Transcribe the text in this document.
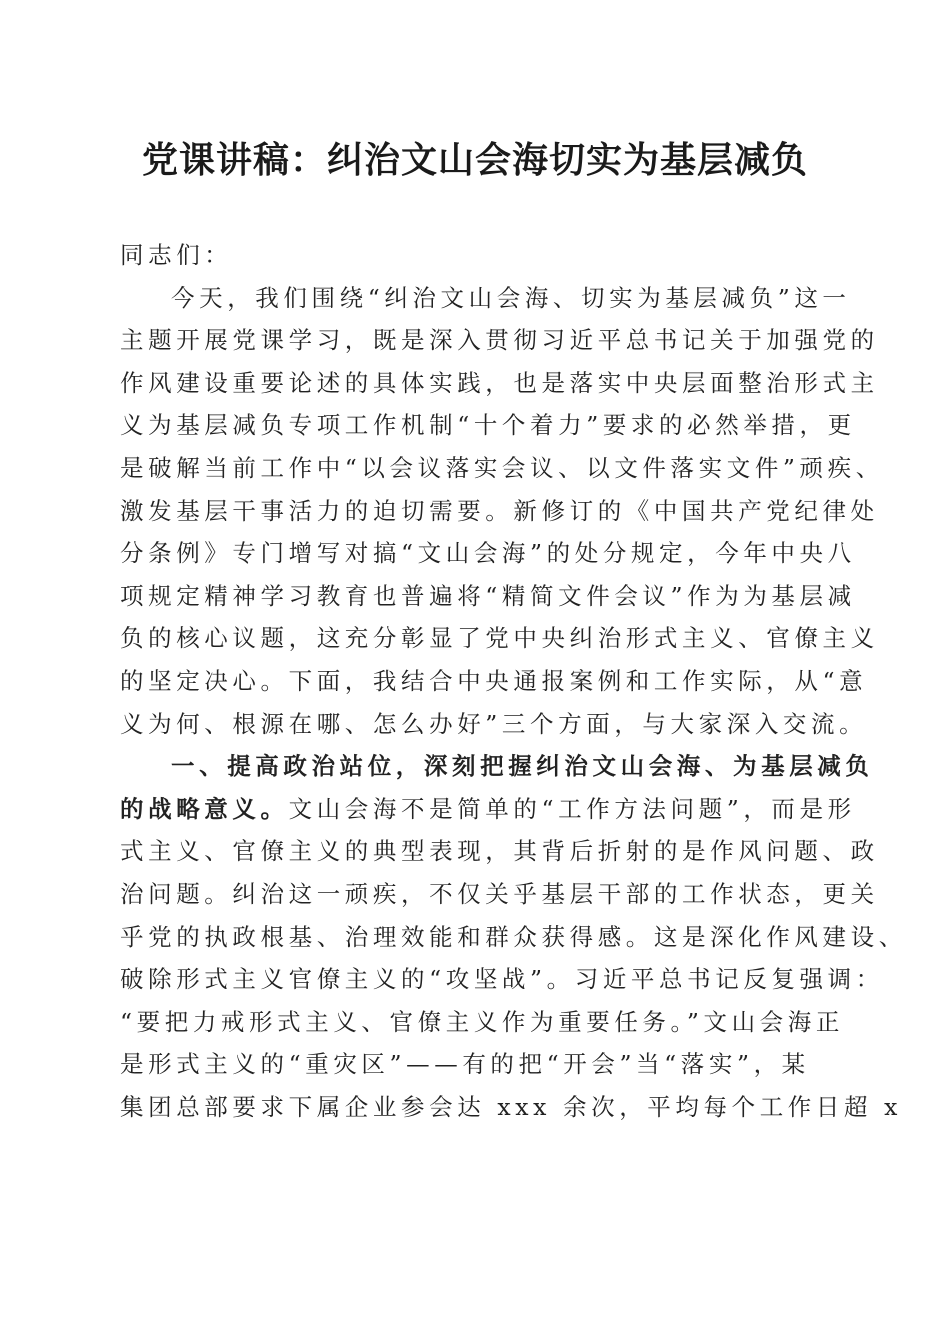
党课讲稿：纠治文山会海切实为基层减负
同志们：
今天，我们围绕“纠治文山会海、切实为基层减负”这一
主题开展党课学习，既是深入贯彻习近平总书记关于加强党的
作风建设重要论述的具体实践，也是落实中央层面整治形式主
义为基层减负专项工作机制“十个着力”要求的必然举措，更
是破解当前工作中“以会议落实会议、以文件落实文件”顽疾、
激发基层干事活力的迫切需要。新修订的《中国共产党纪律处
分条例》专门增写对搞“文山会海”的处分规定，今年中央八
项规定精神学习教育也普遍将“精简文件会议”作为为基层减
负的核心议题，这充分彰显了党中央纠治形式主义、官僚主义
的坚定决心。下面，我结合中央通报案例和工作实际，从“意
义为何、根源在哪、怎么办好”三个方面，与大家深入交流。
一、提高政治站位，深刻把握纠治文山会海、为基层减负
的战略意义。文山会海不是简单的“工作方法问题”，而是形
式主义、官僚主义的典型表现，其背后折射的是作风问题、政
治问题。纠治这一顽疾，不仅关乎基层干部的工作状态，更关
乎党的执政根基、治理效能和群众获得感。这是深化作风建设、
破除形式主义官僚主义的“攻坚战”。习近平总书记反复强调：
“要把力戒形式主义、官僚主义作为重要任务。”文山会海正
是形式主义的“重灾区”——有的把“开会”当“落实”，某
集团总部要求下属企业参会达 xxx 余次，平均每个工作日超 x
